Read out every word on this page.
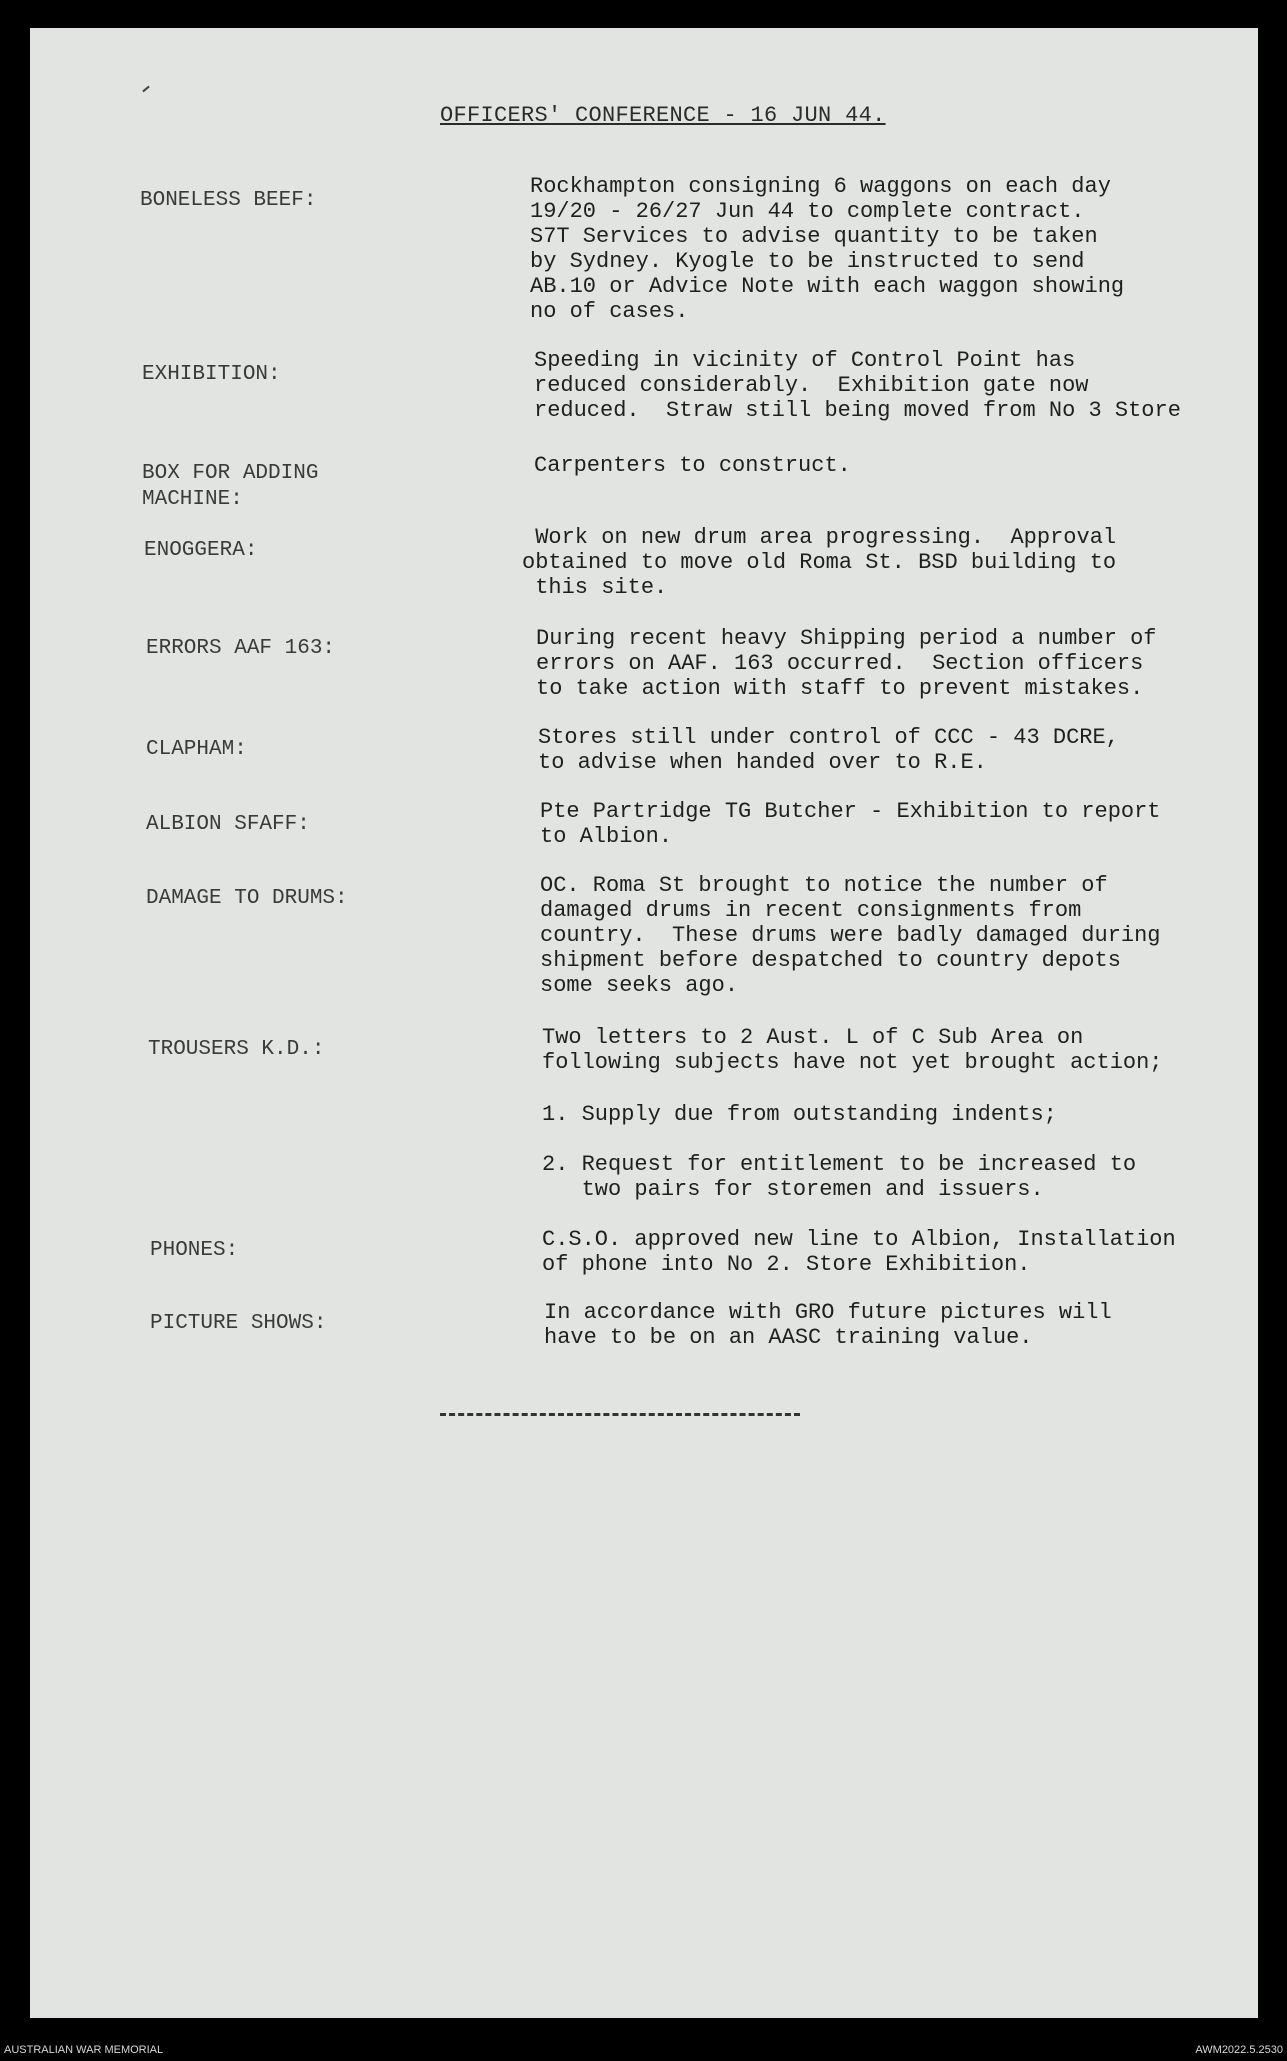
OFFICERS' CONFERENCE - 16 JUN 44.
BONELESS BEEF:
Rockhampton consigning 6 waggons on each day
19/20 - 26/27 Jun 44 to complete contract.
S7T Services to advise quantity to be taken
by Sydney. Kyogle to be instructed to send
AB.10 or Advice Note with each waggon showing
no of cases.
EXHIBITION:
Speeding in vicinity of Control Point has
reduced considerably.  Exhibition gate now
reduced.  Straw still being moved from No 3 Store
BOX FOR ADDING
MACHINE:
Carpenters to construct.
ENOGGERA:
Work on new drum area progressing.  Approval
obtained to move old Roma St. BSD building to
this site.
ERRORS AAF 163:	During recent heavy Shipping period a number of
errors on AAF. 163 occurred.  Section officers
to take action with staff to prevent mistakes.
CLAPHAM:	Stores still under control of CCC - 43 DCRE,
to advise when handed over to R.E.
ALBION SFAFF:
Pte Partridge TG Butcher - Exhibition to report
to Albion.
DAMAGE TO DRUMS:
OC. Roma St brought to notice the number of
damaged drums in recent consignments from
country.  These drums were badly damaged during
shipment before despatched to country depots
some seeks ago.
TROUSERS K.D.:	Two letters to 2 Aust. L of C Sub Area on
following subjects have not yet brought action;
1. Supply due from outstanding indents;
2. Request for entitlement to be increased to
two pairs for storemen and issuers.
PHONES:	C.S.O. approved new line to Albion, Installation
of phone into No 2. Store Exhibition.
PICTURE SHOWS:	In accordance with GRO future pictures will
have to be on an AASC training value.
AUSTRALIAN WAR MEMORIAL	AWM2022.5.2530
